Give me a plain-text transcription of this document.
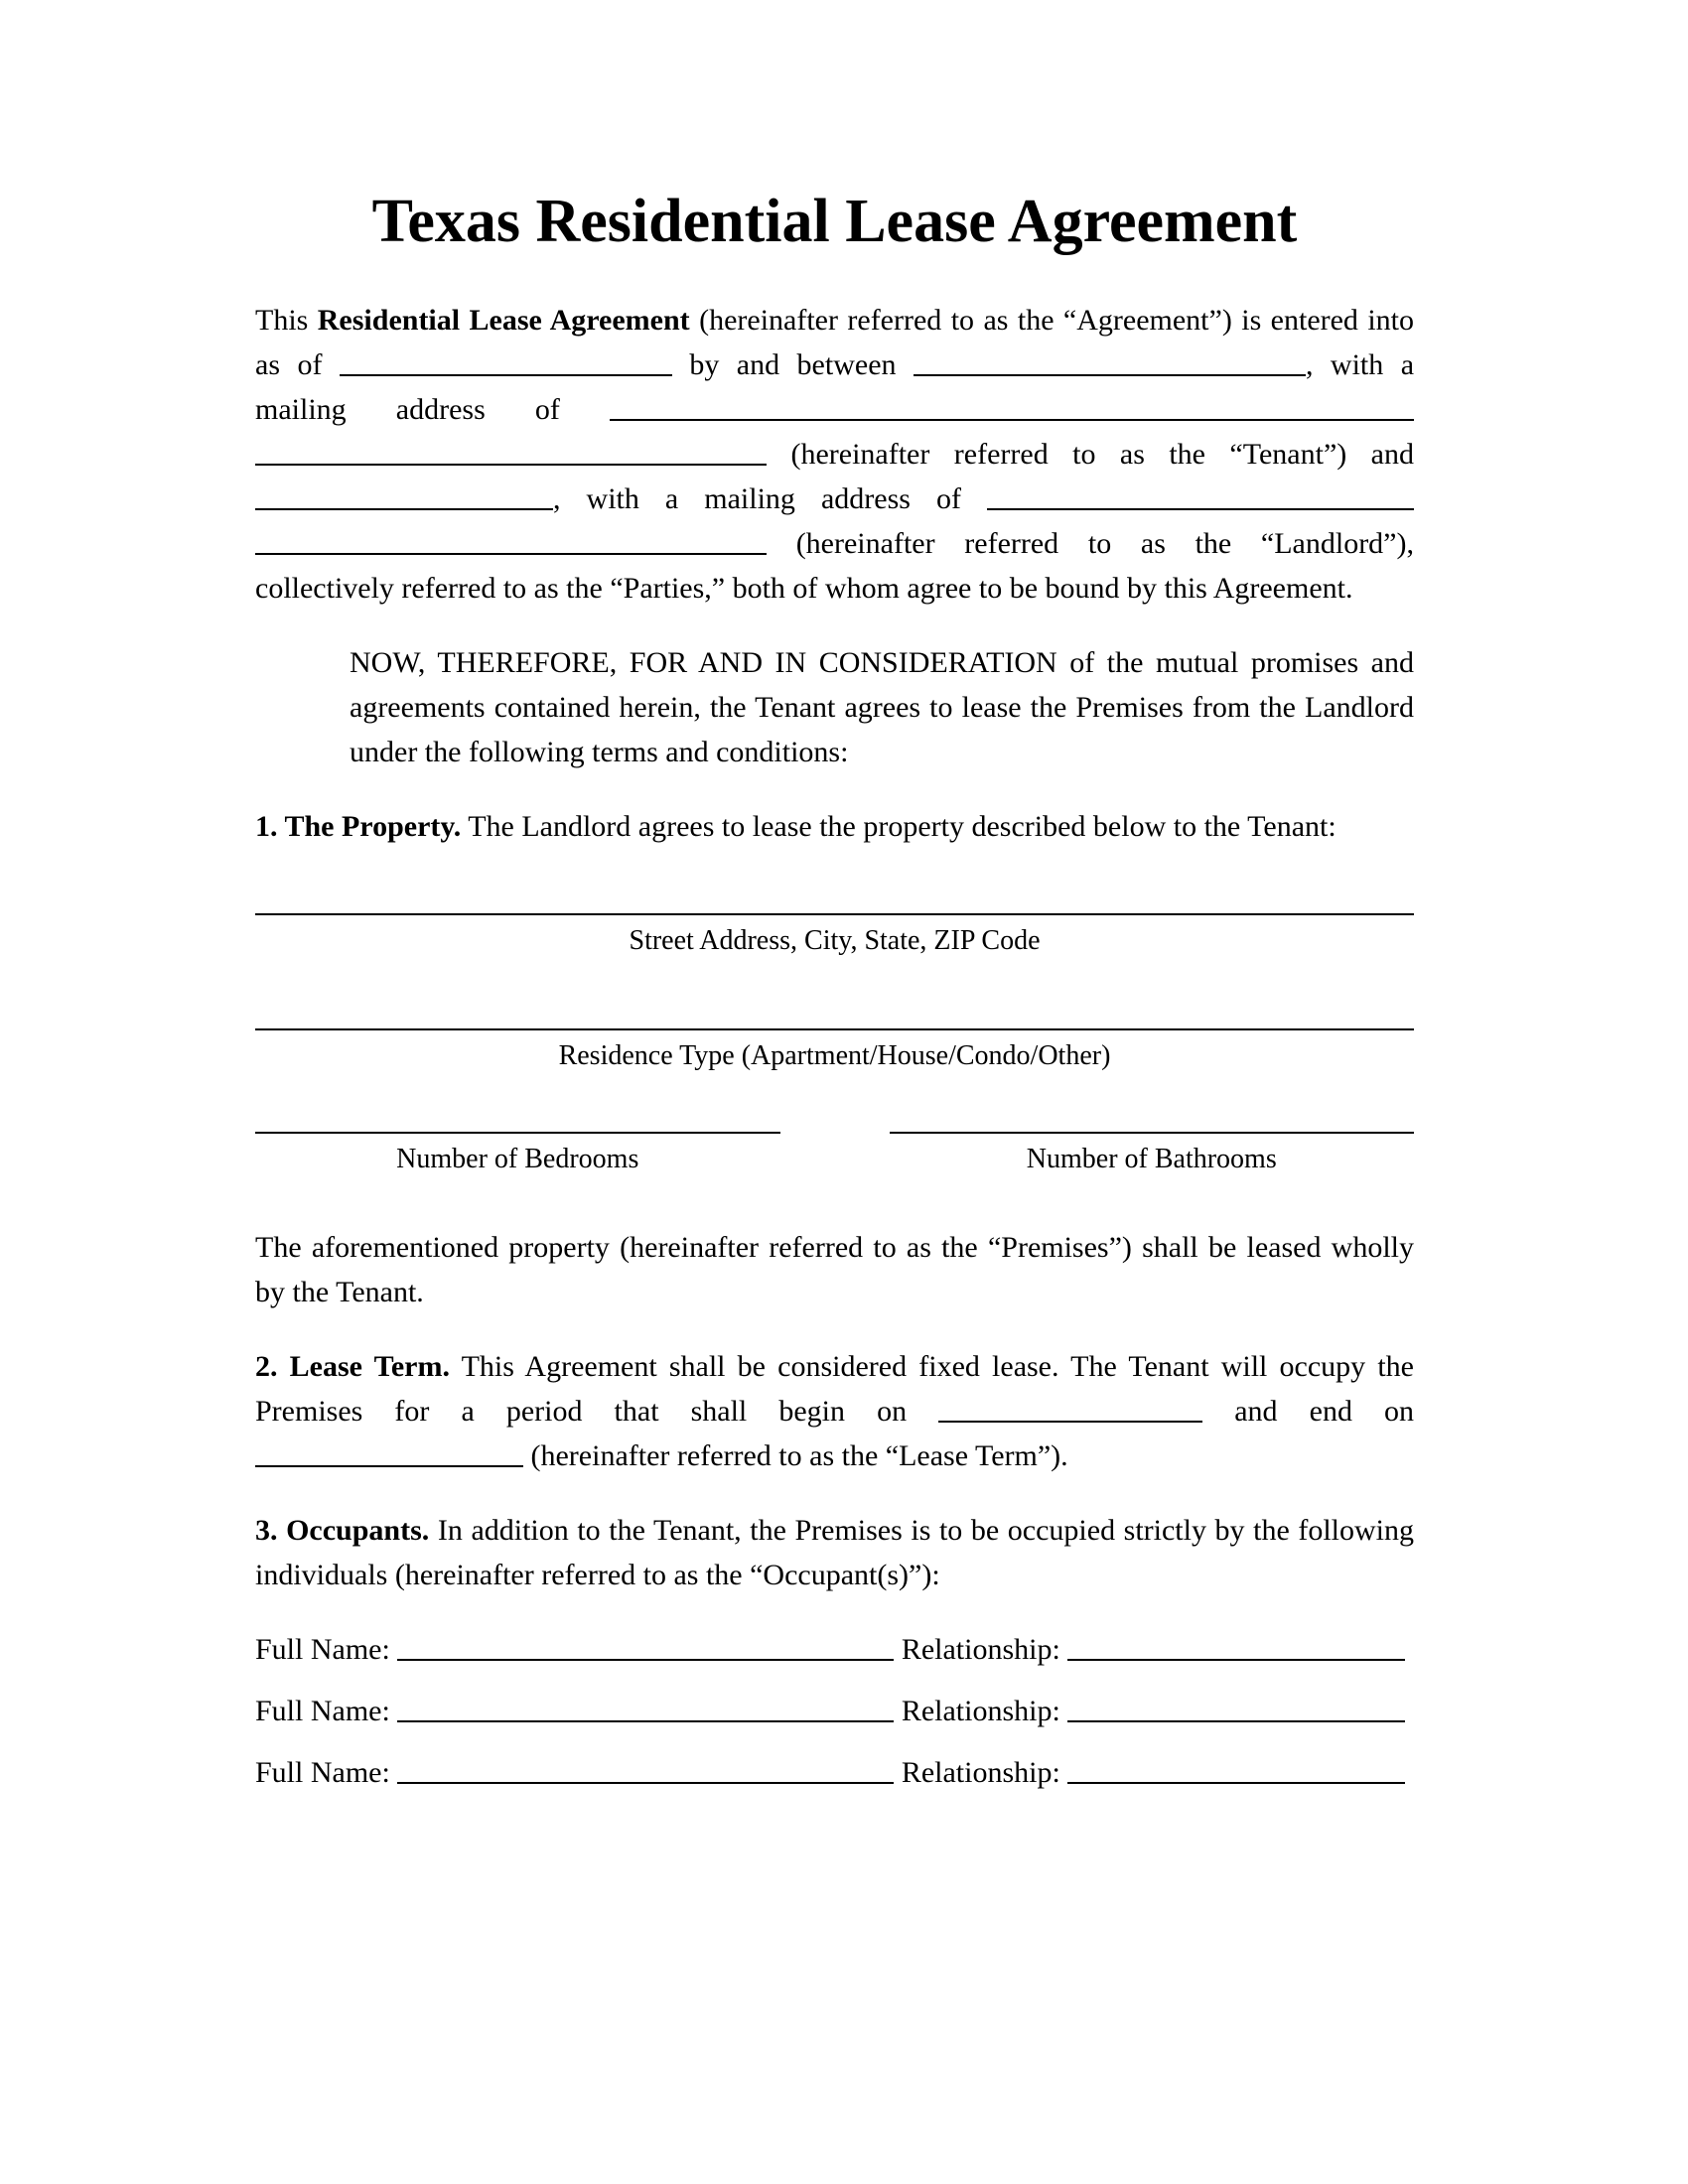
Texas Residential Lease Agreement

This Residential Lease Agreement (hereinafter referred to as the “Agreement”) is entered into as of	by and between	, with a mailing address of   (hereinafter referred to as the “Tenant”) and , with a mailing address of   (hereinafter referred to as the “Landlord”), collectively referred to as the “Parties,” both of whom agree to be bound by this Agreement.

NOW, THEREFORE, FOR AND IN CONSIDERATION of the mutual promises and agreements contained herein, the Tenant agrees to lease the Premises from the Landlord under the following terms and conditions:

1. The Property. The Landlord agrees to lease the property described below to the Tenant:

Street Address, City, State, ZIP Code
Residence Type (Apartment/House/Condo/Other)
Number of Bedrooms	Number of Bathrooms

The aforementioned property (hereinafter referred to as the “Premises”) shall be leased wholly by the Tenant.

2. Lease Term. This Agreement shall be considered fixed lease. The Tenant will occupy the Premises for a period that shall begin on	and end on  (hereinafter referred to as the “Lease Term”).

3. Occupants. In addition to the Tenant, the Premises is to be occupied strictly by the following individuals (hereinafter referred to as the “Occupant(s)”):

Full Name:	Relationship:

Full Name:	Relationship:

Full Name:	Relationship:
